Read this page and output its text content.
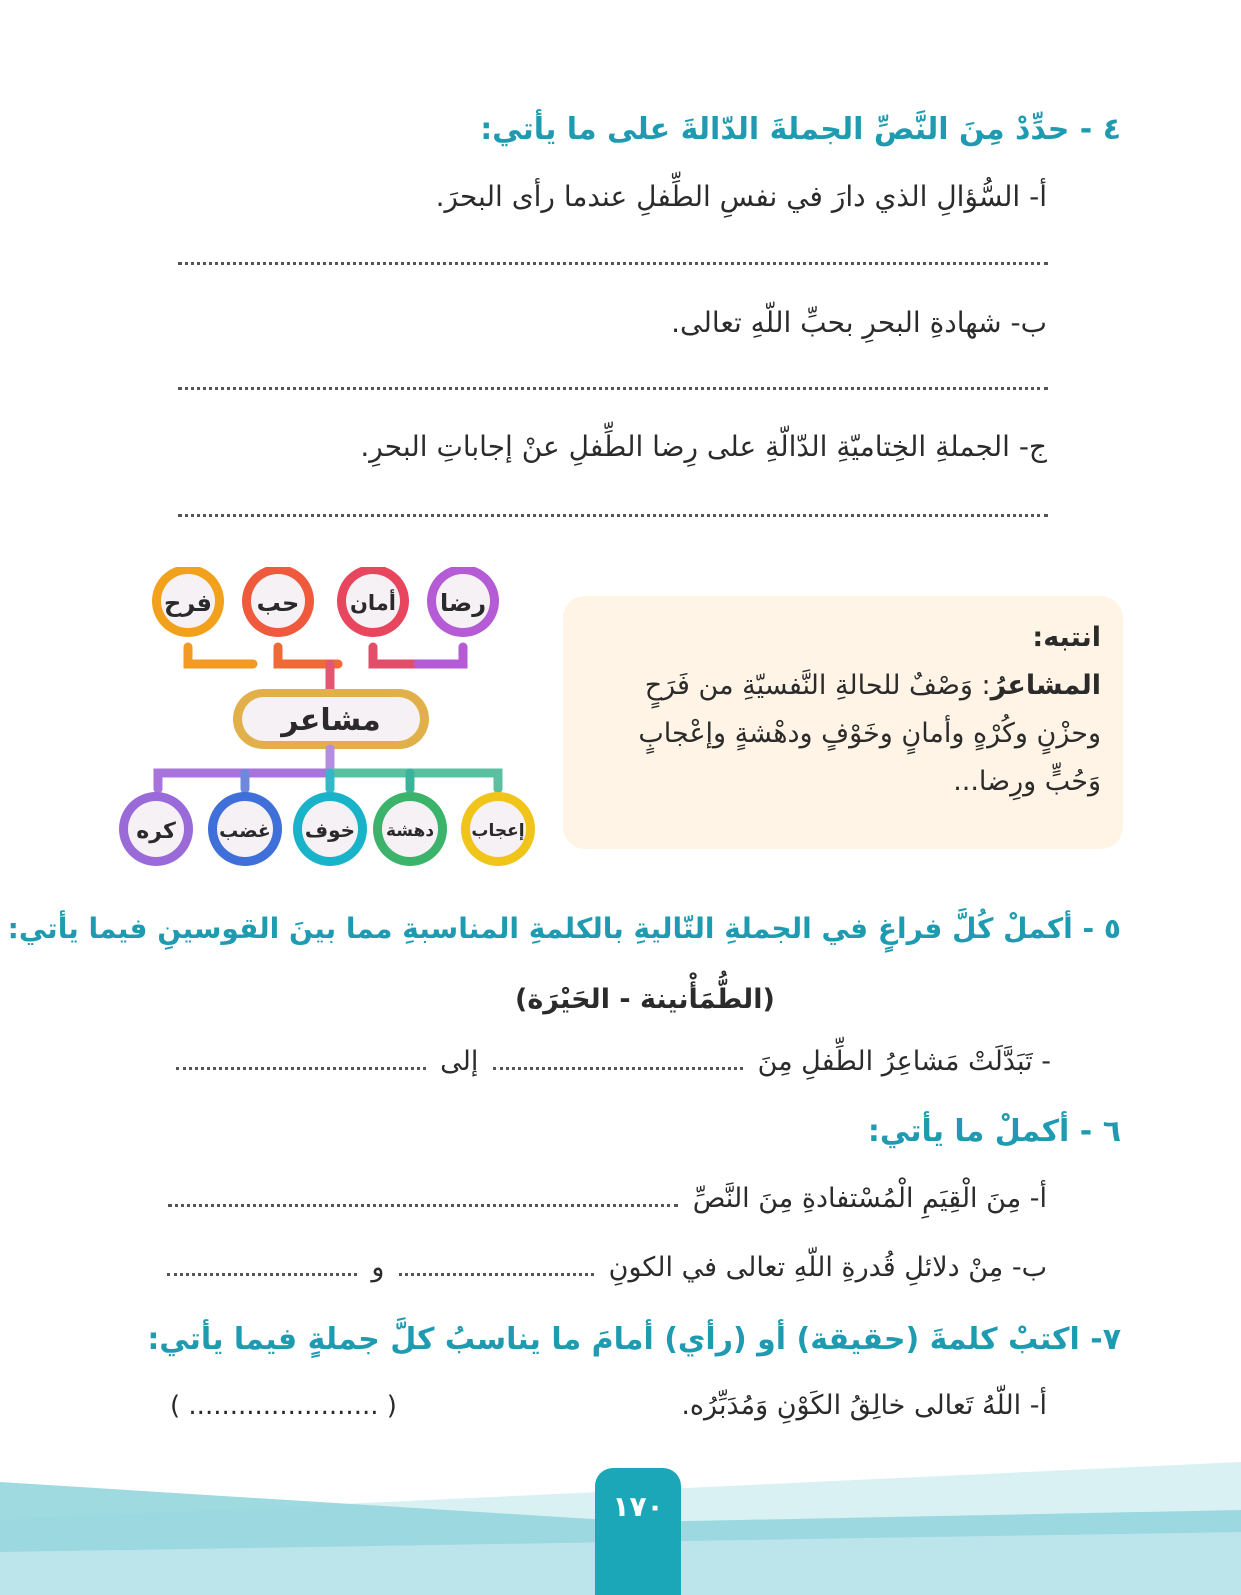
٤ - حدِّدْ مِنَ النَّصِّ الجملةَ الدّالةَ على ما يأتي:
أ- السُّؤالِ الذي دارَ في نفسِ الطِّفلِ عندما رأى البحرَ.
ب- شهادةِ البحرِ بحبِّ اللّهِ تعالى.
ج- الجملةِ الخِتاميّةِ الدّالّةِ على رِضا الطِّفلِ عنْ إجاباتِ البحرِ.
انتبه:
المشاعرُ: وَصْفٌ للحالةِ النَّفسيّةِ من فَرَحٍ وحزْنٍ وكُرْهٍ وأمانٍ وخَوْفٍ ودهْشةٍ وإعْجابٍ وَحُبٍّ ورِضا...
فرح حب أمان رضا
مشاعر
كره غضب خوف دهشة إعجاب
٥ - أكملْ كُلَّ فراغٍ في الجملةِ التّاليةِ بالكلمةِ المناسبةِ مما بينَ القوسينِ فيما يأتي:
(الطُّمَأْنينة - الحَيْرَة)
- تَبَدَّلَتْ مَشاعِرُ الطِّفلِ مِنَ  إلى
٦ - أكملْ ما يأتي:
أ- مِنَ الْقِيَمِ الْمُسْتفادةِ مِنَ النَّصِّ
ب- مِنْ دلائلِ قُدرةِ اللّهِ تعالى في الكونِ  و
٧- اكتبْ كلمةَ (حقيقة) أو (رأي) أمامَ ما يناسبُ كلَّ جملةٍ فيما يأتي:
أ- اللّهُ تَعالى خالِقُ الكَوْنِ وَمُدَبِّرُه.
( ....................... )
١٧٠
